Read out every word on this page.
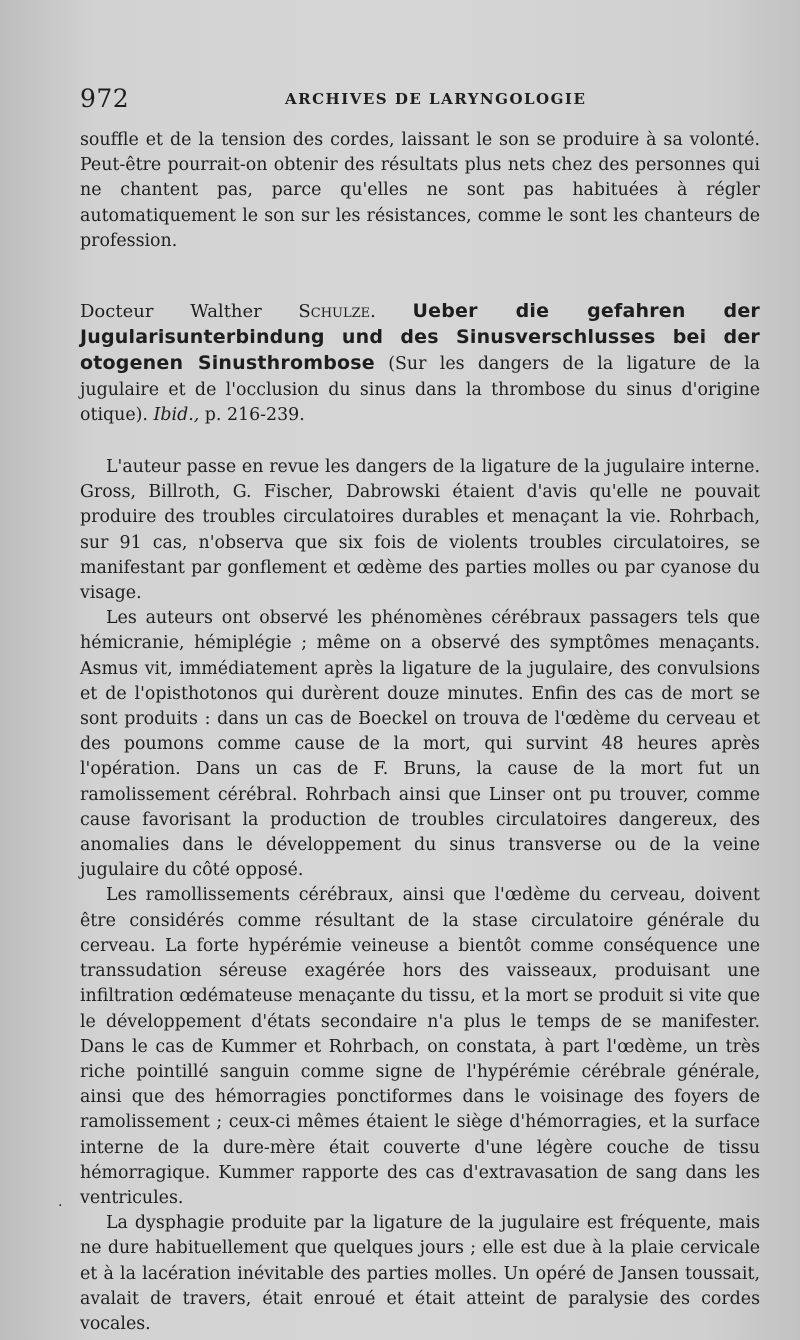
972	ARCHIVES DE LARYNGOLOGIE

souffle et de la tension des cordes, laissant le son se produire à sa volonté. Peut-être pourrait-on obtenir des résultats plus nets chez des personnes qui ne chantent pas, parce qu'elles ne sont pas habituées à régler automatiquement le son sur les résistances, comme le sont les chanteurs de profession.

Docteur Walther Schulze. Ueber die gefahren der Jugularisunterbindung und des Sinusverschlusses bei der otogenen Sinusthrombose (Sur les dangers de la ligature de la jugulaire et de l'occlusion du sinus dans la thrombose du sinus d'origine otique). Ibid., p. 216-239.

L'auteur passe en revue les dangers de la ligature de la jugulaire interne. Gross, Billroth, G. Fischer, Dabrowski étaient d'avis qu'elle ne pouvait produire des troubles circulatoires durables et menaçant la vie. Rohrbach, sur 91 cas, n'observa que six fois de violents troubles circulatoires, se manifestant par gonflement et œdème des parties molles ou par cyanose du visage.

Les auteurs ont observé les phénomènes cérébraux passagers tels que hémicranie, hémiplégie ; même on a observé des symptômes menaçants. Asmus vit, immédiatement après la ligature de la jugulaire, des convulsions et de l'opisthotonos qui durèrent douze minutes. Enfin des cas de mort se sont produits : dans un cas de Boeckel on trouva de l'œdème du cerveau et des poumons comme cause de la mort, qui survint 48 heures après l'opération. Dans un cas de F. Bruns, la cause de la mort fut un ramolissement cérébral. Rohrbach ainsi que Linser ont pu trouver, comme cause favorisant la production de troubles circulatoires dangereux, des anomalies dans le développement du sinus transverse ou de la veine jugulaire du côté opposé.

Les ramollissements cérébraux, ainsi que l'œdème du cerveau, doivent être considérés comme résultant de la stase circulatoire générale du cerveau. La forte hypérémie veineuse a bientôt comme conséquence une transsudation séreuse exagérée hors des vaisseaux, produisant une infiltration œdémateuse menaçante du tissu, et la mort se produit si vite que le développement d'états secondaire n'a plus le temps de se manifester. Dans le cas de Kummer et Rohrbach, on constata, à part l'œdème, un très riche pointillé sanguin comme signe de l'hypérémie cérébrale générale, ainsi que des hémorragies ponctiformes dans le voisinage des foyers de ramolissement ; ceux-ci mêmes étaient le siège d'hémorragies, et la surface interne de la dure-mère était couverte d'une légère couche de tissu hémorragique. Kummer rapporte des cas d'extravasation de sang dans les ventricules.

La dysphagie produite par la ligature de la jugulaire est fréquente, mais ne dure habituellement que quelques jours ; elle est due à la plaie cervicale et à la lacération inévitable des parties molles. Un opéré de Jansen toussait, avalait de travers, était enroué et était atteint de paralysie des cordes vocales.

·
